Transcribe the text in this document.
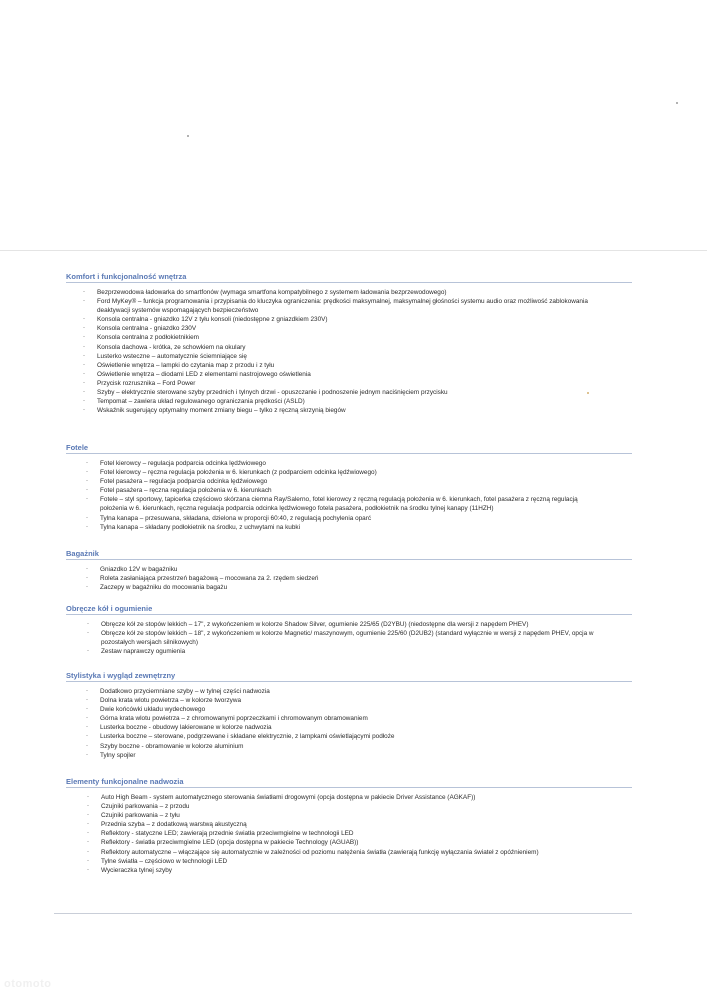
Komfort i funkcjonalność wnętrza
- Bezprzewodowa ładowarka do smartfonów (wymaga smartfona kompatybilnego z systemem ładowania bezprzewodowego)
- Ford MyKey® – funkcja programowania i przypisania do kluczyka ograniczenia: prędkości maksymalnej, maksymalnej głośności systemu audio oraz możliwość zablokowania deaktywacji systemów wspomagających bezpieczeństwo
- Konsola centralna - gniazdko 12V z tyłu konsoli (niedostępne z gniazdkiem 230V)
- Konsola centralna - gniazdko 230V
- Konsola centralna z podłokietnikiem
- Konsola dachowa - krótka, ze schowkiem na okulary
- Lusterko wsteczne – automatycznie ściemniające się
- Oświetlenie wnętrza – lampki do czytania map z przodu i z tyłu
- Oświetlenie wnętrza – diodami LED z elementami nastrojowego oświetlenia
- Przycisk rozrusznika – Ford Power
- Szyby – elektrycznie sterowane szyby przednich i tylnych drzwi - opuszczanie i podnoszenie jednym naciśnięciem przycisku
- Tempomat – zawiera układ regulowanego ograniczania prędkości (ASLD)
- Wskaźnik sugerujący optymalny moment zmiany biegu – tylko z ręczną skrzynią biegów
Fotele
- Fotel kierowcy – regulacja podparcia odcinka lędźwiowego
- Fotel kierowcy – ręczna regulacja położenia w 6. kierunkach (z podparciem odcinka lędźwiowego)
- Fotel pasażera – regulacja podparcia odcinka lędźwiowego
- Fotel pasażera – ręczna regulacja położenia w 6. kierunkach
- Fotele – styl sportowy, tapicerka częściowo skórzana ciemna Ray/Salerno, fotel kierowcy z ręczną regulacją położenia w 6. kierunkach, fotel pasażera z ręczną regulacją położenia w 6. kierunkach, ręczna regulacja podparcia odcinka lędźwiowego fotela pasażera, podłokietnik na środku tylnej kanapy (11HZH)
- Tylna kanapa – przesuwana, składana, dzielona w proporcji 60:40, z regulacją pochylenia oparć
- Tylna kanapa – składany podłokietnik na środku, z uchwytami na kubki
Bagażnik
- Gniazdko 12V w bagażniku
- Roleta zasłaniająca przestrzeń bagażową – mocowana za 2. rzędem siedzeń
- Zaczepy w bagażniku do mocowania bagażu
Obręcze kół i ogumienie
- Obręcze kół ze stopów lekkich – 17", z wykończeniem w kolorze Shadow Silver, ogumienie 225/65 (D2YBU) (niedostępne dla wersji z napędem PHEV)
- Obręcze kół ze stopów lekkich – 18", z wykończeniem w kolorze Magnetic/ maszynowym, ogumienie 225/60 (D2UB2) (standard wyłącznie w wersji z napędem PHEV, opcja w pozostałych wersjach silnikowych)
- Zestaw naprawczy ogumienia
Stylistyka i wygląd zewnętrzny
- Dodatkowo przyciemniane szyby – w tylnej części nadwozia
- Dolna krata wlotu powietrza – w kolorze tworzywa
- Dwie końcówki układu wydechowego
- Górna krata wlotu powietrza – z chromowanymi poprzeczkami i chromowanym obramowaniem
- Lusterka boczne - obudowy lakierowane w kolorze nadwozia
- Lusterka boczne – sterowane, podgrzewane i składane elektrycznie, z lampkami oświetlającymi podłoże
- Szyby boczne - obramowanie w kolorze aluminium
- Tylny spojler
Elementy funkcjonalne nadwozia
- Auto High Beam - system automatycznego sterowania światłami drogowymi (opcja dostępna w pakiecie Driver Assistance (AGKAF))
- Czujniki parkowania – z przodu
- Czujniki parkowania – z tyłu
- Przednia szyba – z dodatkową warstwą akustyczną
- Reflektory - statyczne LED; zawierają przednie światła przeciwmgielne w technologii LED
- Reflektory - światła przeciwmgielne LED (opcja dostępna w pakiecie Technology (AGUAB))
- Reflektory automatyczne – włączające się automatycznie w zależności od poziomu natężenia światła (zawierają funkcję wyłączania świateł z opóźnieniem)
- Tylne światła – częściowo w technologii LED
- Wycieraczka tylnej szyby
otomoto
